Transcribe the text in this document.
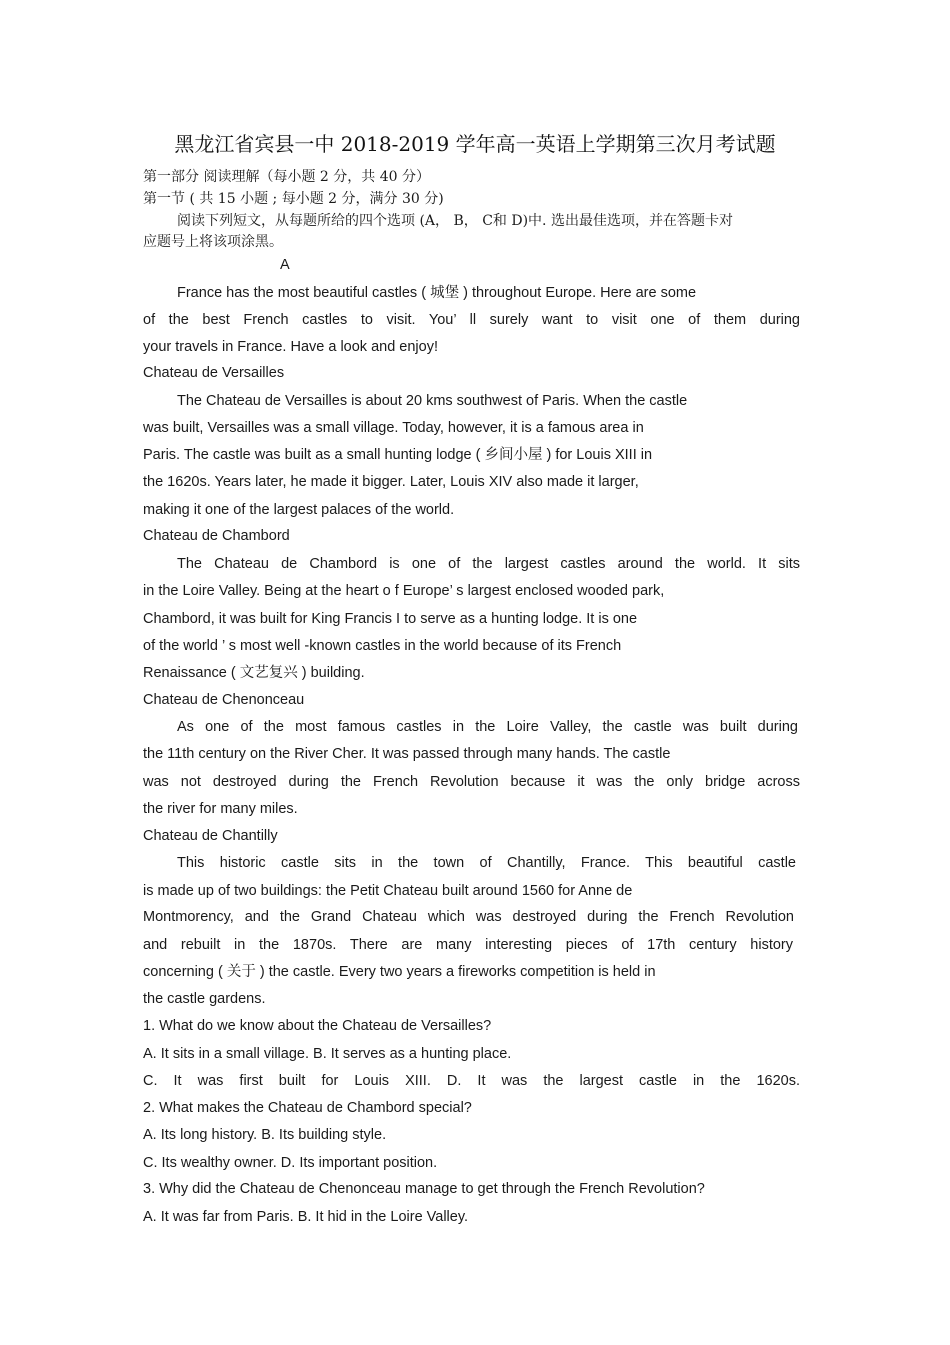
黑龙江省宾县一中 2018-2019 学年高一英语上学期第三次月考试题
第一部分 阅读理解（每小题 2 分，共 40 分）
第一节 ( 共 15 小题 ; 每小题 2 分，满分 30 分)
阅读下列短文，从每题所给的四个选项 (A， B， C和 D)中. 选出最佳选项，并在答题卡对
应题号上将该项涂黑。
A
France has the most beautiful castles ( 城堡 ) throughout Europe. Here are some
of the best French castles to visit. You’ ll surely want to visit one of them during
your travels in France. Have a look and enjoy!
Chateau de Versailles
The Chateau de Versailles is about 20 kms southwest of Paris. When the castle
was built, Versailles was a small village. Today, however, it is a famous area in
Paris. The castle was built as a small hunting lodge ( 乡间小屋 ) for Louis XIII in
the 1620s. Years later, he made it bigger. Later, Louis XIV also made it larger,
making it one of the largest palaces of the world.
Chateau de Chambord
The Chateau de Chambord is one of the largest castles around the world. It sits
in the Loire Valley. Being at the heart o f Europe’ s largest enclosed wooded park,
Chambord, it was built for King Francis I to serve as a hunting lodge. It is one
of the world ’ s most well -known castles in the world because of its French
Renaissance ( 文艺复兴 ) building.
Chateau de Chenonceau
As one of the most famous castles in the Loire Valley, the castle was built during
the 11th century on the River Cher. It was passed through many hands. The castle
was not destroyed during the French Revolution because it was the only bridge across
the river for many miles.
Chateau de Chantilly
This historic castle sits in the town of Chantilly, France. This beautiful castle
is made up of two buildings: the Petit Chateau built around 1560 for Anne de
Montmorency, and the Grand Chateau which was destroyed during the French Revolution
and rebuilt in the 1870s. There are many interesting pieces of 17th century history
concerning ( 关于 ) the castle. Every two years a fireworks competition is held in
the castle gardens.
1. What do we know about the Chateau de Versailles?
A. It sits in a small village. B. It serves as a hunting place.
C. It was first built for Louis XIII. D. It was the largest castle in the 1620s.
2. What makes the Chateau de Chambord special?
A. Its long history. B. Its building style.
C. Its wealthy owner. D. Its important position.
3. Why did the Chateau de Chenonceau manage to get through the French Revolution?
A. It was far from Paris. B. It hid in the Loire Valley.
